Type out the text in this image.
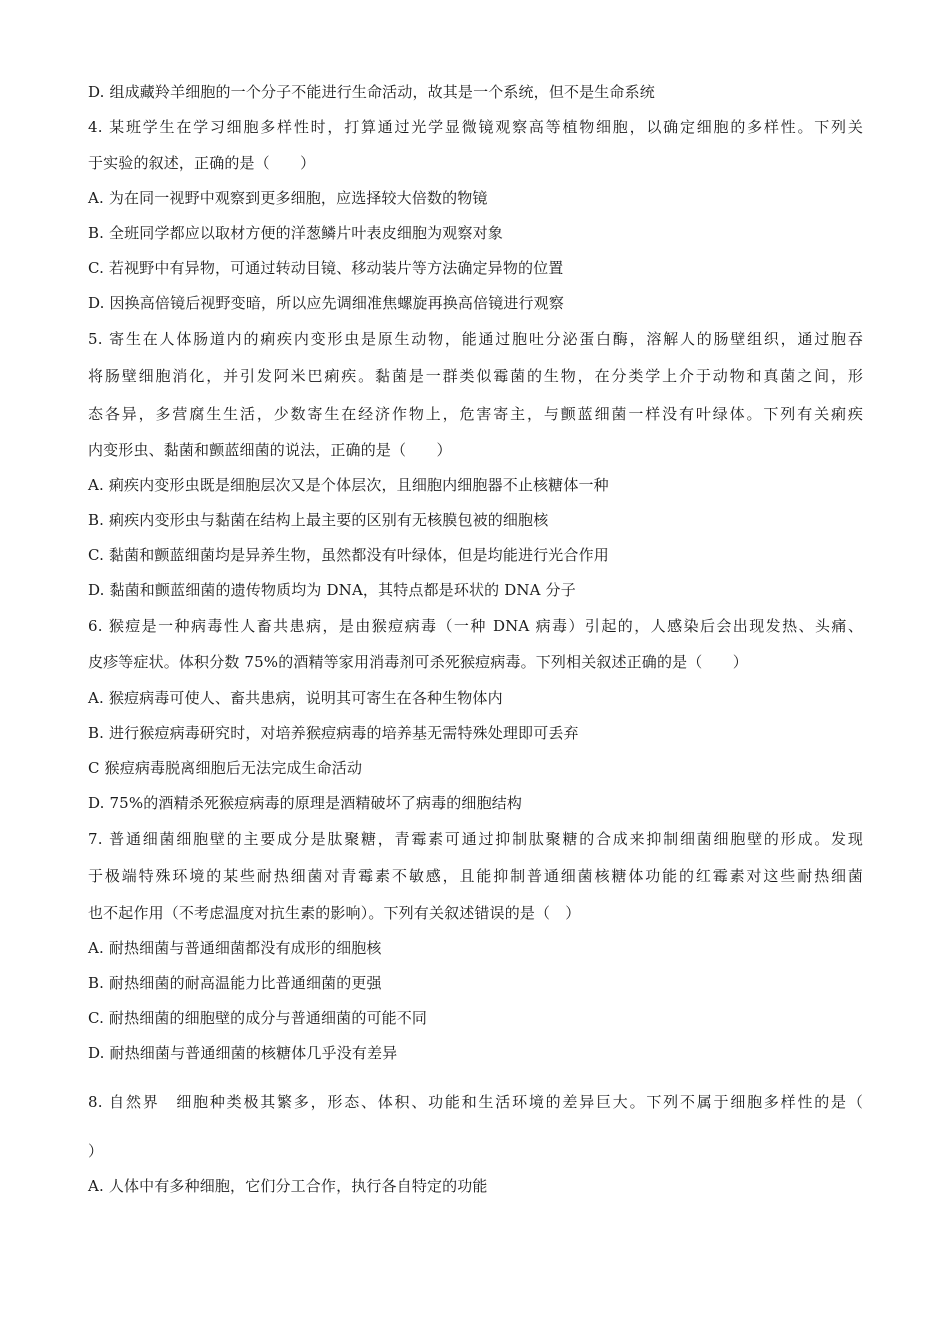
D. 组成藏羚羊细胞的一个分子不能进行生命活动，故其是一个系统，但不是生命系统
4. 某班学生在学习细胞多样性时，打算通过光学显微镜观察高等植物细胞，以确定细胞的多样性。下列关
于实验的叙述，正确的是（　　）
A. 为在同一视野中观察到更多细胞，应选择较大倍数的物镜
B. 全班同学都应以取材方便的洋葱鳞片叶表皮细胞为观察对象
C. 若视野中有异物，可通过转动目镜、移动装片等方法确定异物的位置
D. 因换高倍镜后视野变暗，所以应先调细准焦螺旋再换高倍镜进行观察
5. 寄生在人体肠道内的痢疾内变形虫是原生动物，能通过胞吐分泌蛋白酶，溶解人的肠壁组织，通过胞吞
将肠壁细胞消化，并引发阿米巴痢疾。黏菌是一群类似霉菌的生物，在分类学上介于动物和真菌之间，形
态各异，多营腐生生活，少数寄生在经济作物上，危害寄主，与颤蓝细菌一样没有叶绿体。下列有关痢疾
内变形虫、黏菌和颤蓝细菌的说法，正确的是（　　）
A. 痢疾内变形虫既是细胞层次又是个体层次，且细胞内细胞器不止核糖体一种
B. 痢疾内变形虫与黏菌在结构上最主要的区别有无核膜包被的细胞核
C. 黏菌和颤蓝细菌均是异养生物，虽然都没有叶绿体，但是均能进行光合作用
D. 黏菌和颤蓝细菌的遗传物质均为 DNA，其特点都是环状的 DNA 分子
6. 猴痘是一种病毒性人畜共患病，是由猴痘病毒（一种 DNA 病毒）引起的，人感染后会出现发热、头痛、
皮疹等症状。体积分数 75%的酒精等家用消毒剂可杀死猴痘病毒。下列相关叙述正确的是（　　）
A. 猴痘病毒可使人、畜共患病，说明其可寄生在各种生物体内
B. 进行猴痘病毒研究时，对培养猴痘病毒的培养基无需特殊处理即可丢弃
C 猴痘病毒脱离细胞后无法完成生命活动
D. 75%的酒精杀死猴痘病毒的原理是酒精破坏了病毒的细胞结构
7. 普通细菌细胞壁的主要成分是肽聚糖，青霉素可通过抑制肽聚糖的合成来抑制细菌细胞壁的形成。发现
于极端特殊环境的某些耐热细菌对青霉素不敏感，且能抑制普通细菌核糖体功能的红霉素对这些耐热细菌
也不起作用（不考虑温度对抗生素的影响）。下列有关叙述错误的是（　）
A. 耐热细菌与普通细菌都没有成形的细胞核
B. 耐热细菌的耐高温能力比普通细菌的更强
C. 耐热细菌的细胞壁的成分与普通细菌的可能不同
D. 耐热细菌与普通细菌的核糖体几乎没有差异
8. 自然界　细胞种类极其繁多，形态、体积、功能和生活环境的差异巨大。下列不属于细胞多样性的是（
）
A. 人体中有多种细胞，它们分工合作，执行各自特定的功能
